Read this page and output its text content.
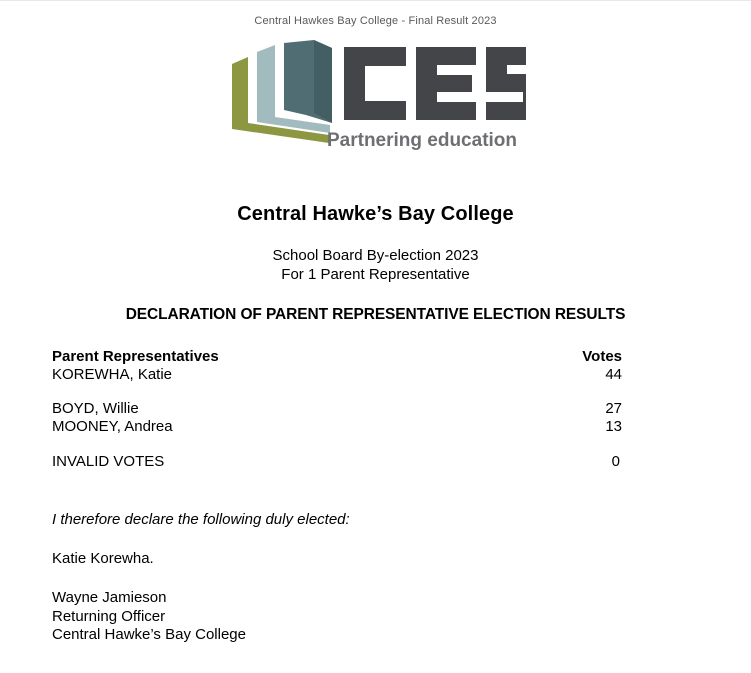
Central Hawkes Bay College - Final Result 2023
Partnering education
Central Hawke’s Bay College
School Board By-election 2023
For 1 Parent Representative
DECLARATION OF PARENT REPRESENTATIVE ELECTION RESULTS
Parent Representatives	Votes
KOREWHA, Katie	44
BOYD, Willie	27
MOONEY, Andrea	13
INVALID VOTES	0
I therefore declare the following duly elected:
Katie Korewha.
Wayne Jamieson
Returning Officer
Central Hawke’s Bay College
